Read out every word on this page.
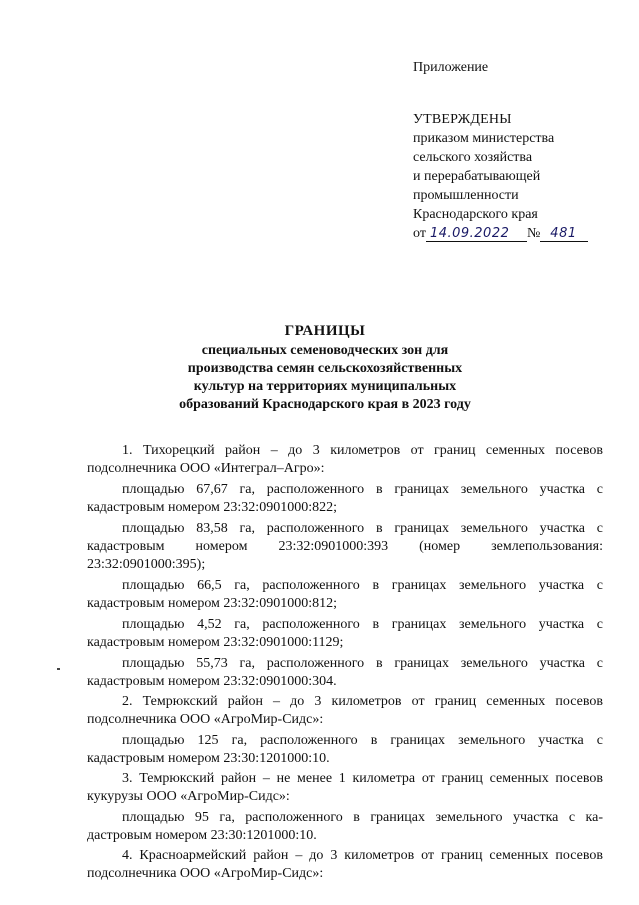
Приложение
УТВЕРЖДЕНЫ
приказом министерства
сельского хозяйства
и перерабатывающей
промышленности
Краснодарского края
от 14.09.2022 № 481
ГРАНИЦЫ
специальных семеноводческих зон для
производства семян сельскохозяйственных
культур на территориях муниципальных
образований Краснодарского края в 2023 году

1. Тихорецкий район – до 3 километров от границ семенных посевов подсолнечника ООО «Интеграл–Агро»:

площадью 67,67 га, расположенного в границах земельного участка с кадастровым номером 23:32:0901000:822;

площадью 83,58 га, расположенного в границах земельного участка с кадастровым номером 23:32:0901000:393 (номер землепользования: 23:32:0901000:395);

площадью 66,5 га, расположенного в границах земельного участка с кадастровым номером 23:32:0901000:812;

площадью 4,52 га, расположенного в границах земельного участка с кадастровым номером 23:32:0901000:1129;

площадью 55,73 га, расположенного в границах земельного участка с кадастровым номером 23:32:0901000:304.

2. Темрюкский район – до 3 километров от границ семенных посевов подсолнечника ООО «АгроМир-Сидс»:

площадью 125 га, расположенного в границах земельного участка с кадастровым номером 23:30:1201000:10.

3. Темрюкский район – не менее 1 километра от границ семенных посевов кукурузы ООО «АгроМир-Сидс»:

площадью 95 га, расположенного в границах земельного участка с ка-дастровым номером 23:30:1201000:10.

4. Красноармейский район – до 3 километров от границ семенных посевов подсолнечника ООО «АгроМир-Сидс»:
